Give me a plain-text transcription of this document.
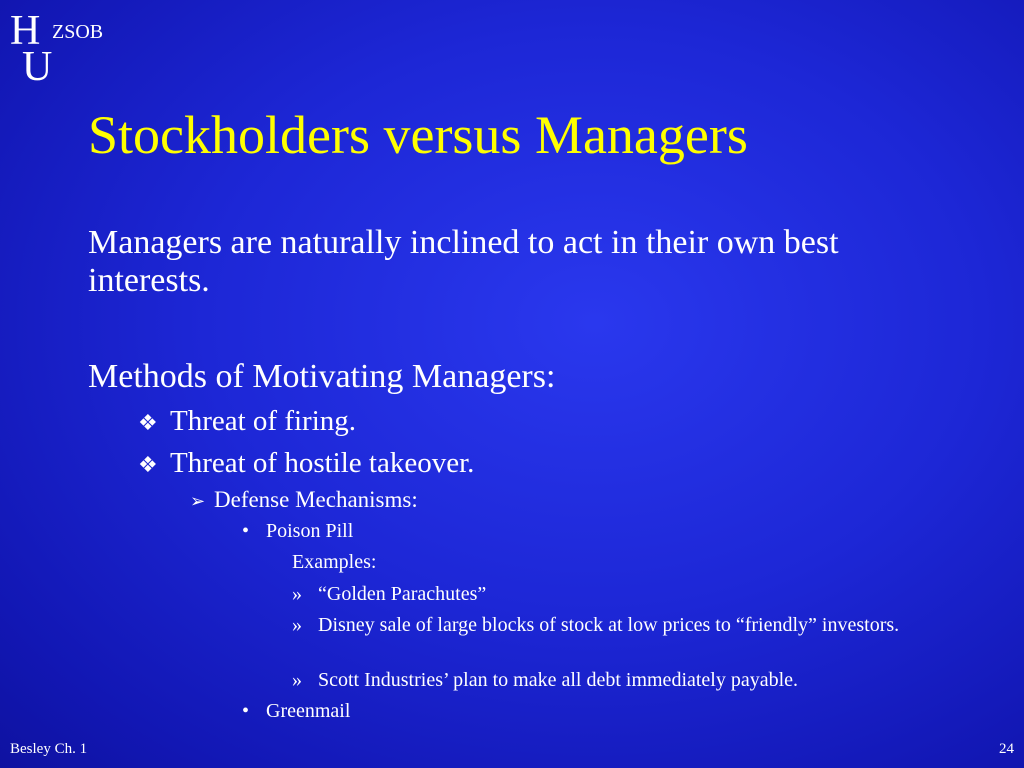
H
U
ZSOB
Stockholders versus Managers

Managers are naturally inclined to act in their own best interests.

Methods of Motivating Managers:

❖ Threat of firing.
❖ Threat of hostile takeover.
➢ Defense Mechanisms:
• Poison Pill
Examples:
» “Golden Parachutes”
» Disney sale of large blocks of stock at low prices to “friendly” investors.
» Scott Industries’ plan to make all debt immediately payable.
• Greenmail
Besley Ch. 1	24
